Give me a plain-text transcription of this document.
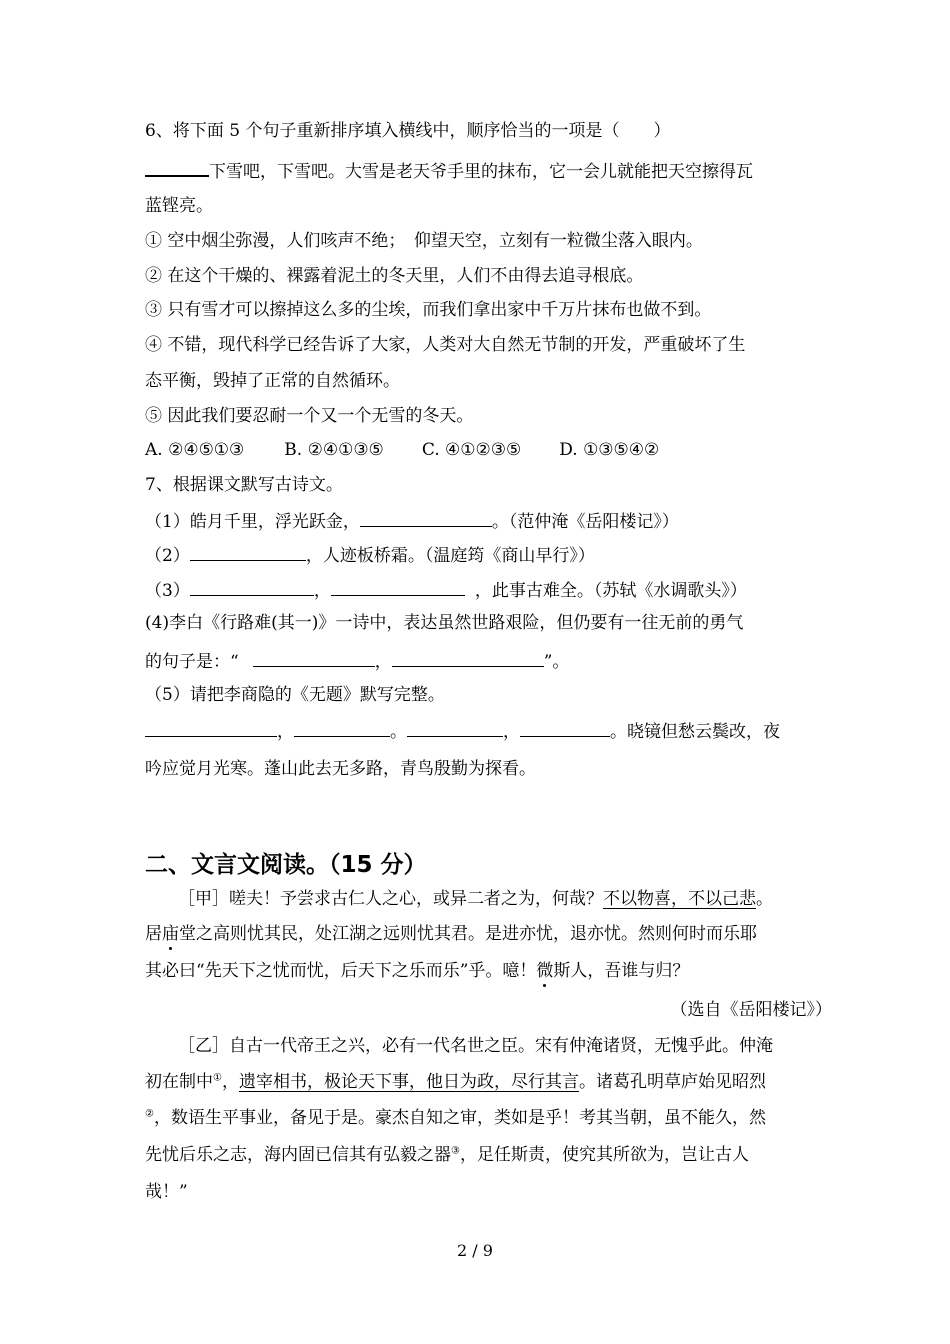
6、将下面 5 个句子重新排序填入横线中，顺序恰当的一项是（　　）
下雪吧，下雪吧。大雪是老天爷手里的抹布，它一会儿就能把天空擦得瓦
蓝铿亮。
① 空中烟尘弥漫，人们咳声不绝；　仰望天空，立刻有一粒微尘落入眼内。
② 在这个干燥的、裸露着泥土的冬天里，人们不由得去追寻根底。
③ 只有雪才可以擦掉这么多的尘埃，而我们拿出家中千万片抹布也做不到。
④ 不错，现代科学已经告诉了大家，人类对大自然无节制的开发，严重破坏了生
态平衡，毁掉了正常的自然循环。
⑤ 因此我们要忍耐一个又一个无雪的冬天。
A. ②④⑤①③ B. ②④①③⑤ C. ④①②③⑤ D. ①③⑤④②
7、根据课文默写古诗文。
（1）皓月千里，浮光跃金，	。（范仲淹《岳阳楼记》）
（2）	，人迹板桥霜。（温庭筠《商山早行》）
（3）	，	，此事古难全。（苏轼《水调歌头》）
(4)李白《行路难(其一)》一诗中，表达虽然世路艰险，但仍要有一往无前的勇气
的句子是：“	，	”。
（5）请把李商隐的《无题》默写完整。
，	。	，	。晓镜但愁云鬓改，夜
吟应觉月光寒。蓬山此去无多路，青鸟殷勤为探看。
二、文言文阅读。（15 分）
［甲］嗟夫！予尝求古仁人之心，或异二者之为，何哉？不以物喜，不以己悲。
居庙堂之高则忧其民，处江湖之远则忧其君。是进亦忧，退亦忧。然则何时而乐耶
其必曰“先天下之忧而忧，后天下之乐而乐”乎。噫！微斯人，吾谁与归？
（选自《岳阳楼记》）
［乙］自古一代帝王之兴，必有一代名世之臣。宋有仲淹诸贤，无愧乎此。仲淹
初在制中①，遗宰相书，极论天下事，他日为政，尽行其言。诸葛孔明草庐始见昭烈
②，数语生平事业，备见于是。豪杰自知之审，类如是乎！考其当朝，虽不能久，然
先忧后乐之志，海内固已信其有弘毅之器③，足任斯责，使究其所欲为，岂让古人
哉！”
2 / 9
